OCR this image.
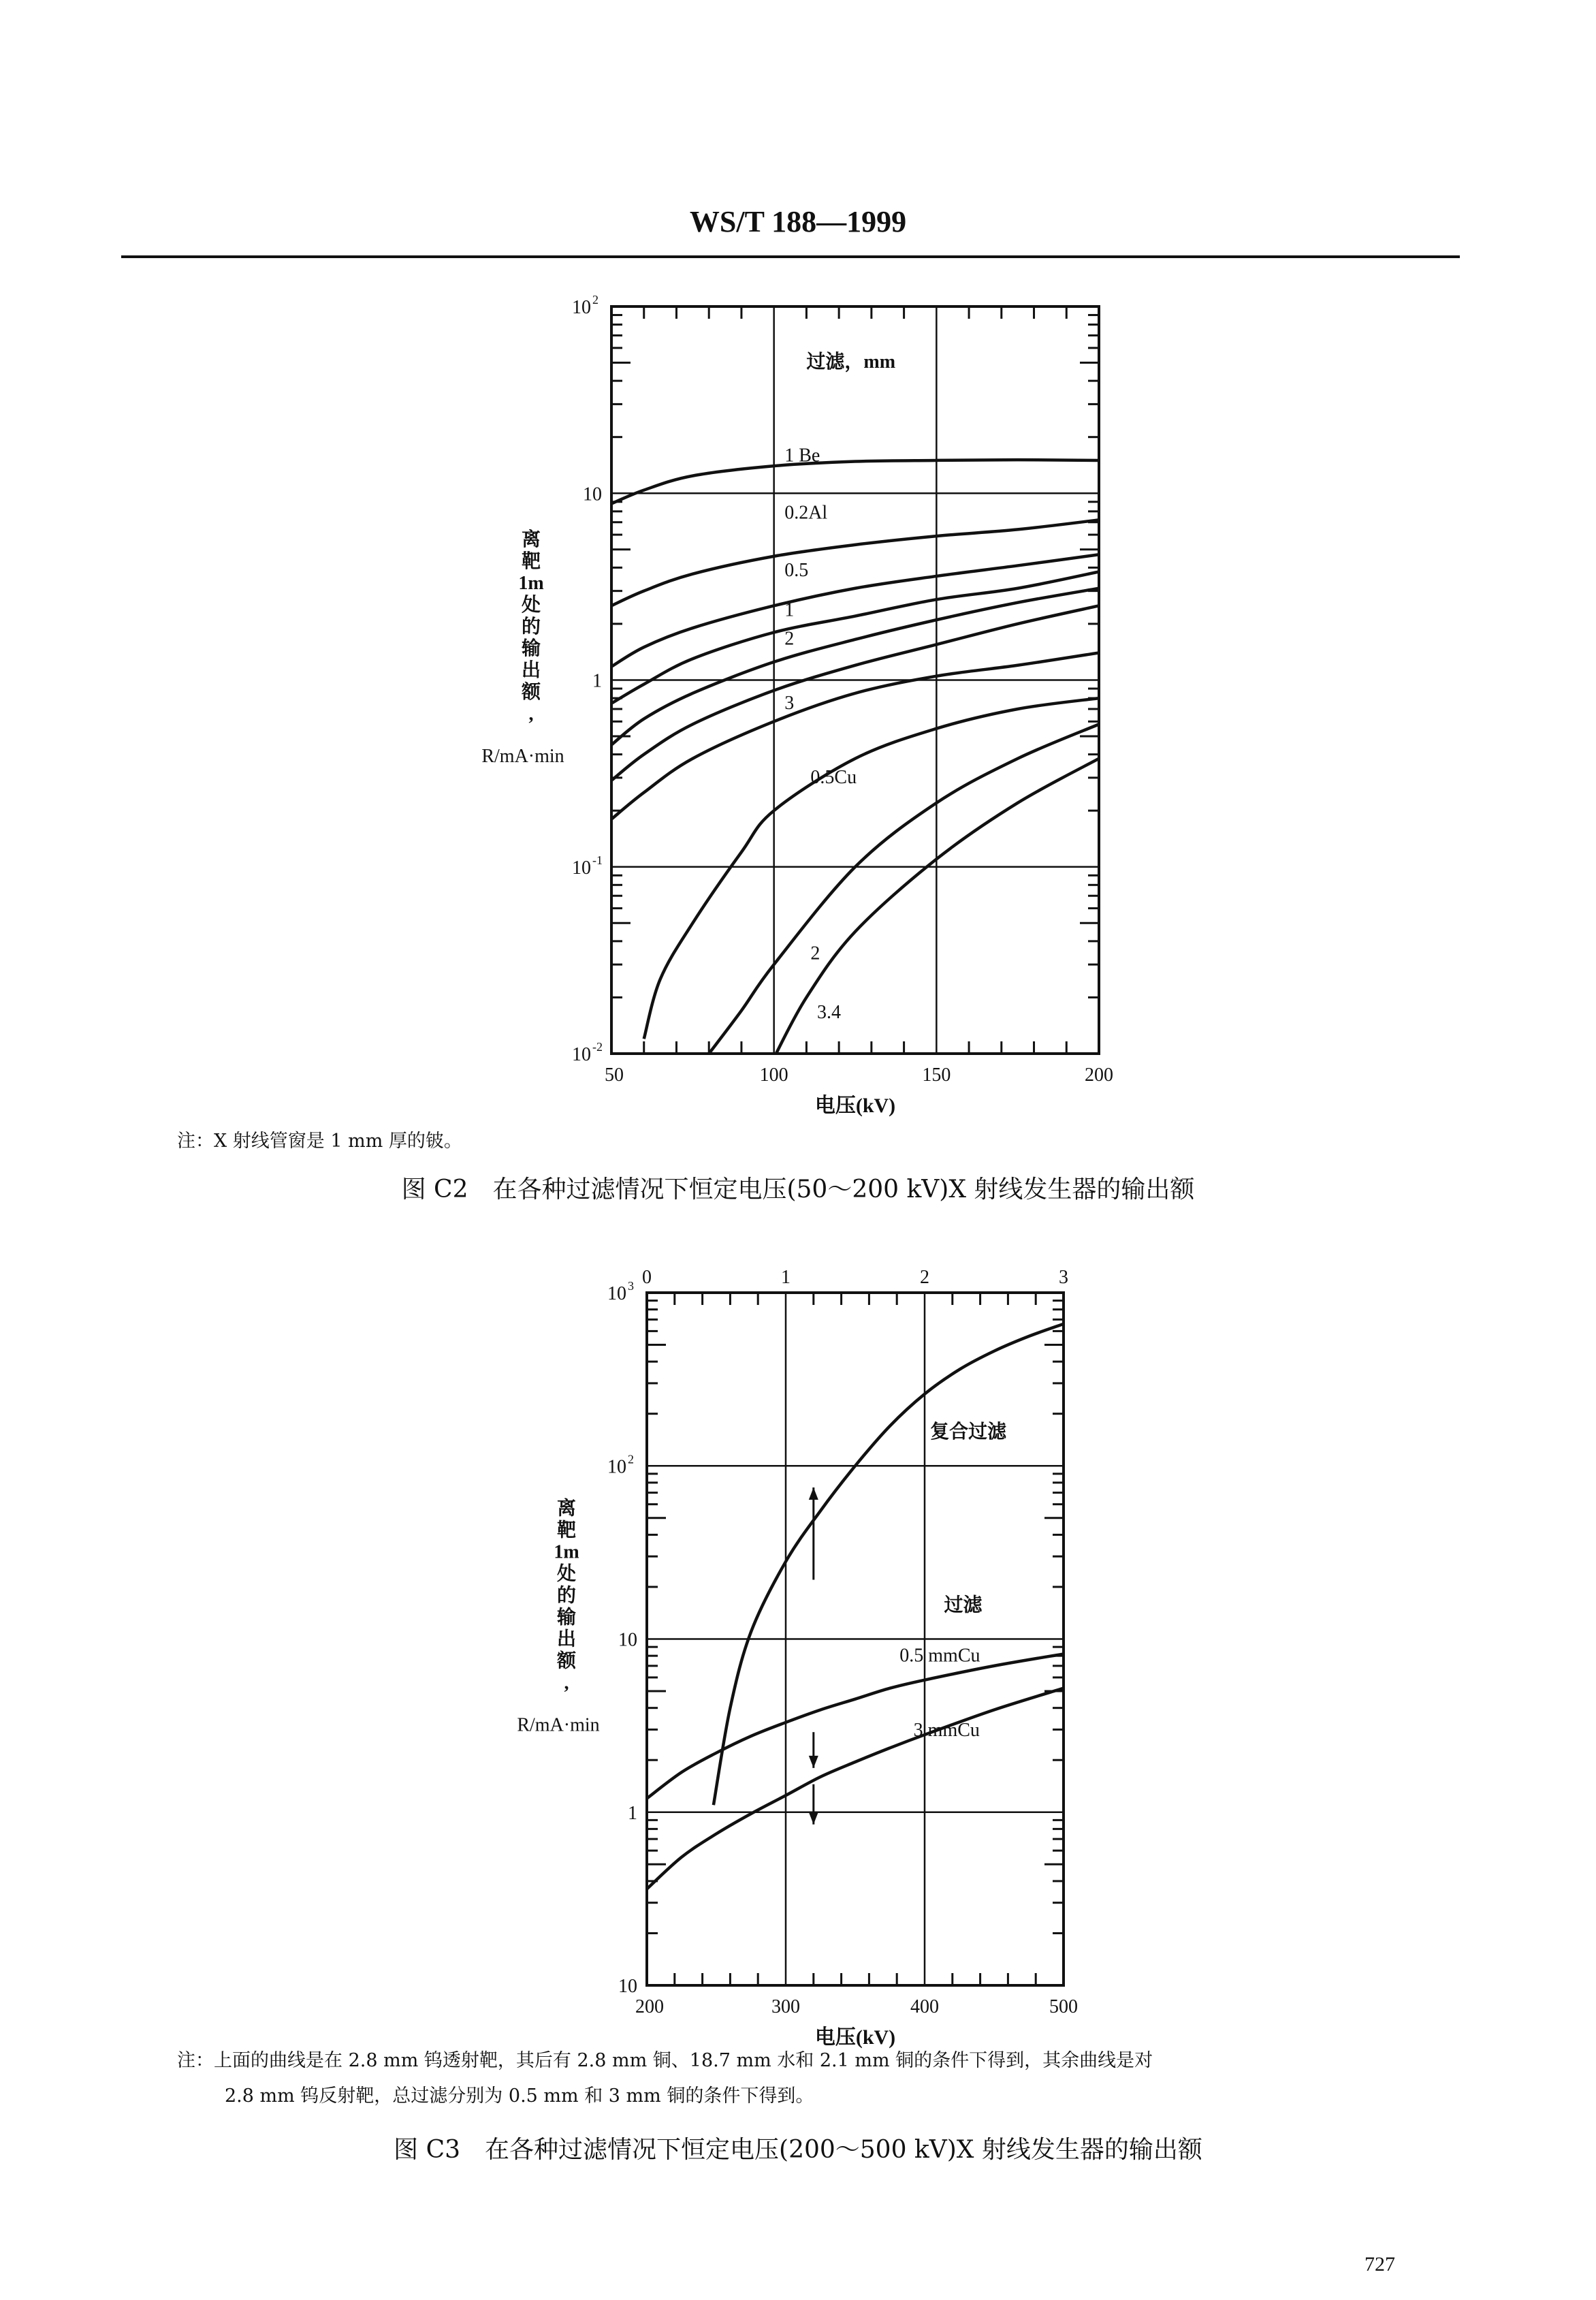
WS/T 188—1999
50	100	150	200
10 2
10
1
10 -1
10 -2
电压(kV)
离
靶
1m
处
的
输
出
额
,
R/mA·min
1 Be
0.2Al
0.5
1
2
3
0.5Cu
2
3.4
过滤，mm
注：X 射线管窗是 1 mm 厚的铍。
图 C2　在各种过滤情况下恒定电压(50～200 kV)X 射线发生器的输出额
200	300	400	500
0	1	2	3
10 3
10 2
10
1
10
电压(kV)
离
靶
1m
处
的
输
出
额
,
R/mA·min
复合过滤
过滤
0.5 mmCu
3 mmCu
注：上面的曲线是在 2.8 mm 钨透射靶，其后有 2.8 mm 铜、18.7 mm 水和 2.1 mm 铜的条件下得到，其余曲线是对
2.8 mm 钨反射靶，总过滤分别为 0.5 mm 和 3 mm 铜的条件下得到。
图 C3　在各种过滤情况下恒定电压(200～500 kV)X 射线发生器的输出额
727
